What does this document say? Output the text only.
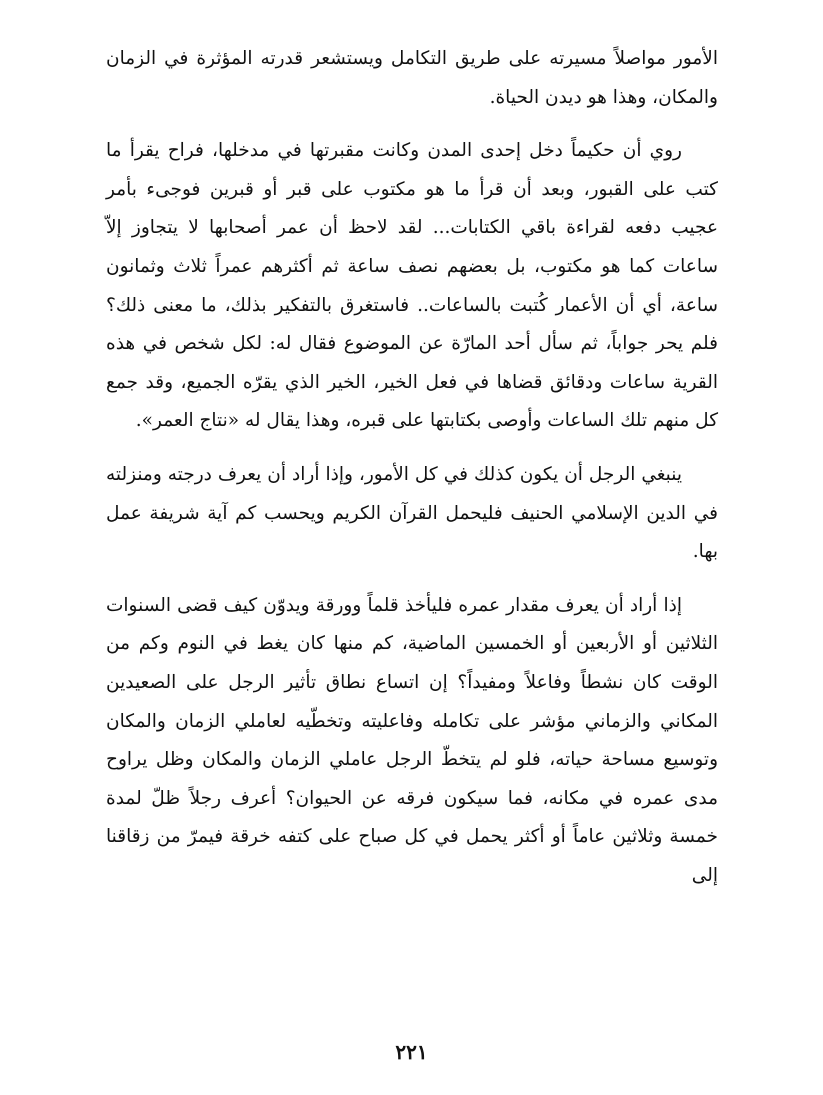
الأمور مواصلاً مسيرته على طريق التكامل ويستشعر قدرته المؤثرة في الزمان والمكان، وهذا هو ديدن الحياة.

روي أن حكيماً دخل إحدى المدن وكانت مقبرتها في مدخلها، فراح يقرأ ما كتب على القبور، وبعد أن قرأ ما هو مكتوب على قبر أو قبرين فوجىء بأمر عجيب دفعه لقراءة باقي الكتابات... لقد لاحظ أن عمر أصحابها لا يتجاوز إلاّ ساعات كما هو مكتوب، بل بعضهم نصف ساعة ثم أكثرهم عمراً ثلاث وثمانون ساعة، أي أن الأعمار كُتبت بالساعات.. فاستغرق بالتفكير بذلك، ما معنى ذلك؟ فلم يحر جواباً، ثم سأل أحد المارّة عن الموضوع فقال له: لكل شخص في هذه القرية ساعات ودقائق قضاها في فعل الخير، الخير الذي يقرّه الجميع، وقد جمع كل منهم تلك الساعات وأوصى بكتابتها على قبره، وهذا يقال له «نتاج العمر».

ينبغي الرجل أن يكون كذلك في كل الأمور، وإذا أراد أن يعرف درجته ومنزلته في الدين الإسلامي الحنيف فليحمل القرآن الكريم ويحسب كم آية شريفة عمل بها.

إذا أراد أن يعرف مقدار عمره فليأخذ قلماً وورقة ويدوّن كيف قضى السنوات الثلاثين أو الأربعين أو الخمسين الماضية، كم منها كان يغط في النوم وكم من الوقت كان نشطاً وفاعلاً ومفيداً؟ إن اتساع نطاق تأثير الرجل على الصعيدين المكاني والزماني مؤشر على تكامله وفاعليته وتخطّيه لعاملي الزمان والمكان وتوسيع مساحة حياته، فلو لم يتخطّ الرجل عاملي الزمان والمكان وظل يراوح مدى عمره في مكانه، فما سيكون فرقه عن الحيوان؟ أعرف رجلاً ظلّ لمدة خمسة وثلاثين عاماً أو أكثر يحمل في كل صباح على كتفه خرقة فيمرّ من زقاقنا إلى

٢٢١
